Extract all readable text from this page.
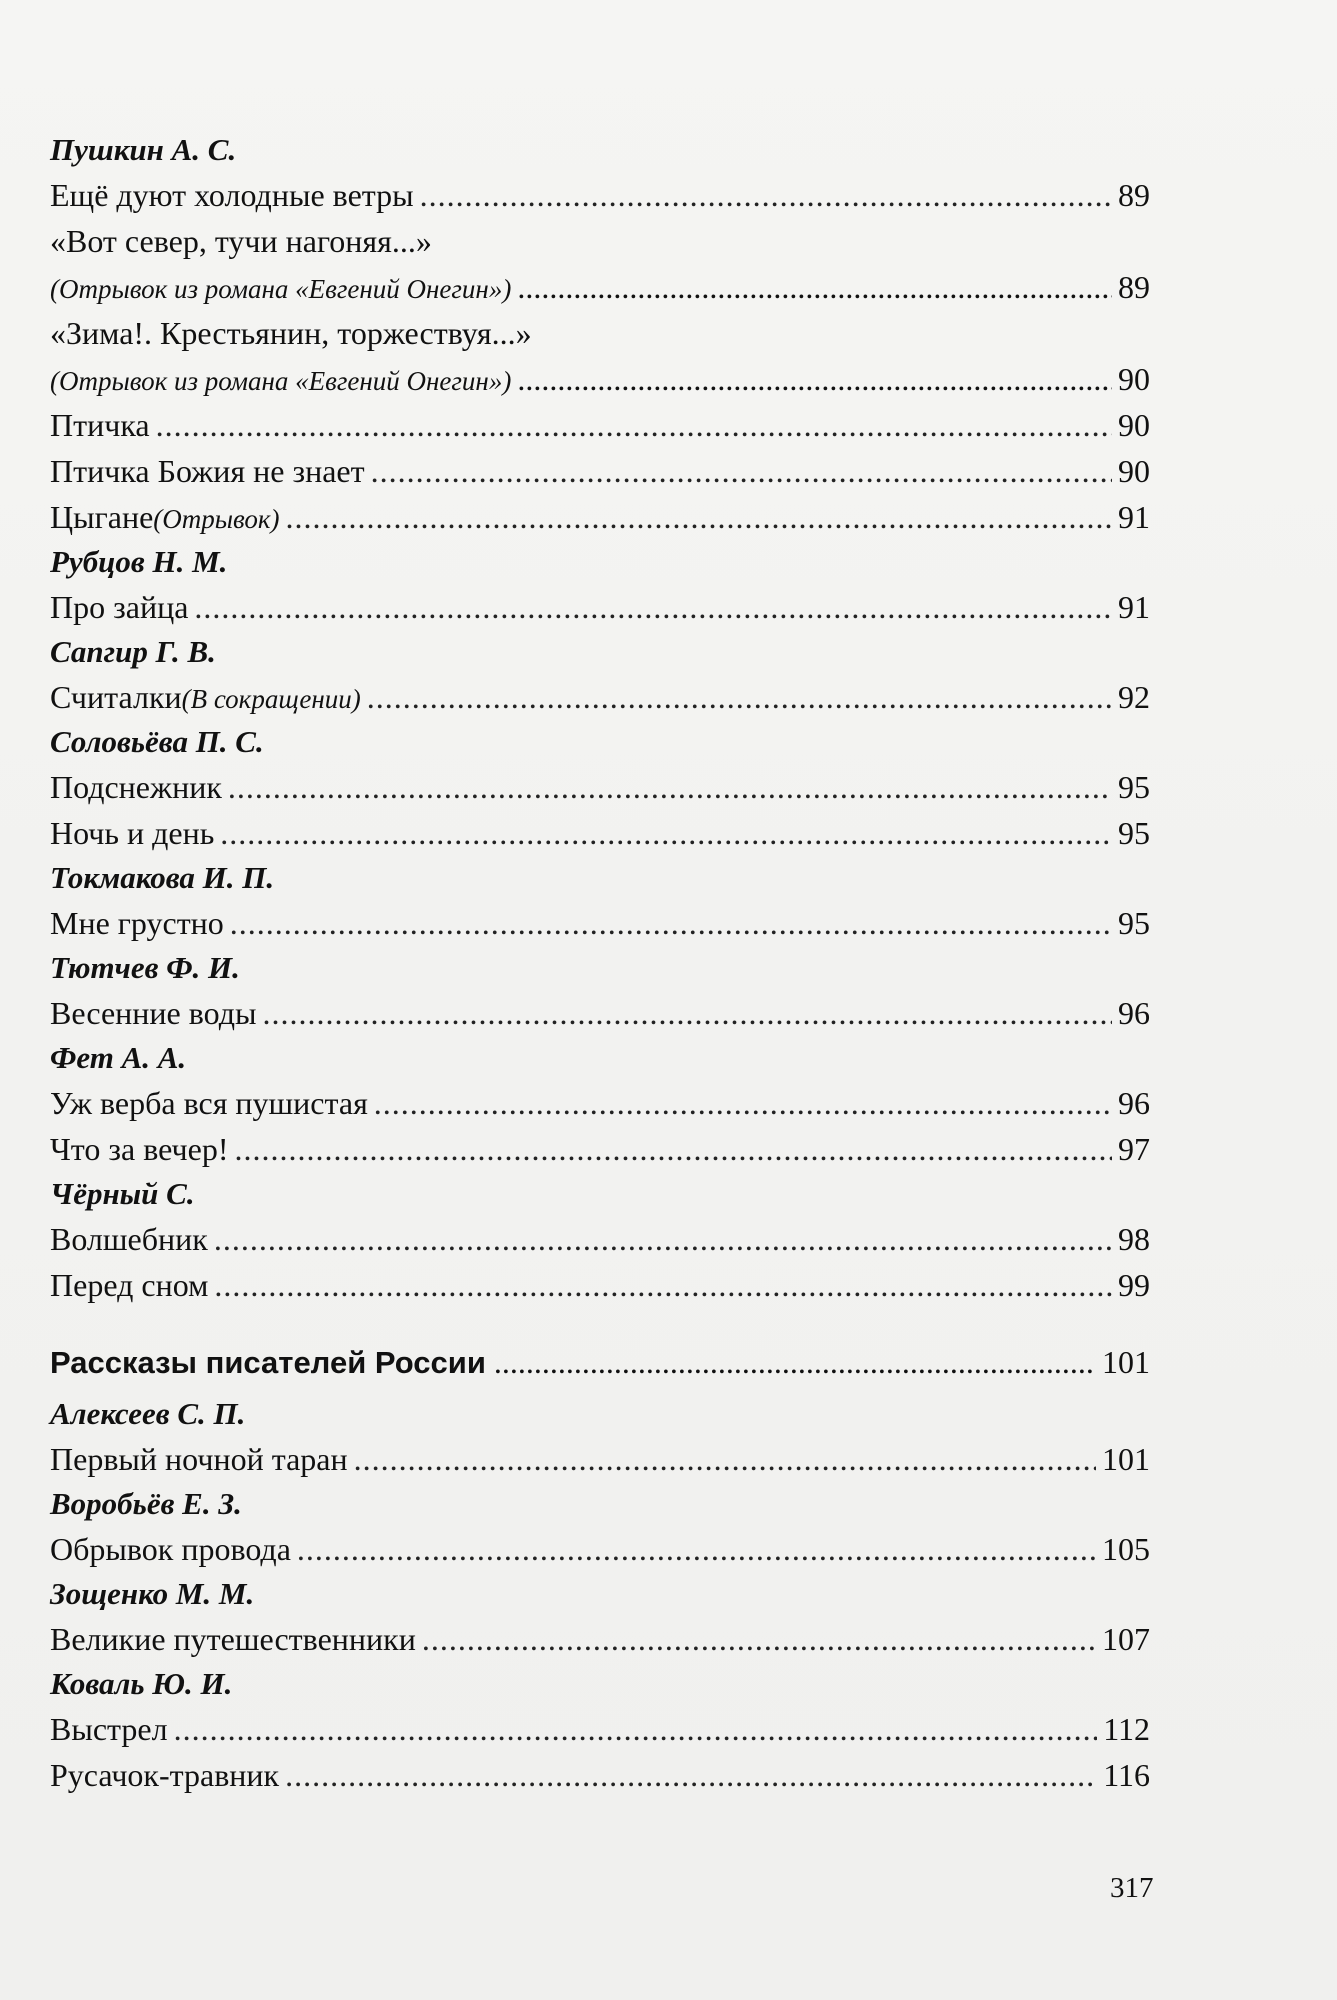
Пушкин А. С.
Ещё дуют холодные ветры .....	89
«Вот север, тучи нагоняя...»
(Отрывок из романа «Евгений Онегин») .....	89
«Зима!. Крестьянин, торжествуя...»
(Отрывок из романа «Евгений Онегин») .....	90
Птичка .....	90
Птичка Божия не знает .....	90
Цыгане (Отрывок) .....	91
Рубцов Н. М.
Про зайца .....	91
Сапгир Г. В.
Считалки (В сокращении) .....	92
Соловьёва П. С.
Подснежник .....	95
Ночь и день .....	95
Токмакова И. П.
Мне грустно .....	95
Тютчев Ф. И.
Весенние воды .....	96
Фет А. А.
Уж верба вся пушистая .....	96
Что за вечер! .....	97
Чёрный С.
Волшебник .....	98
Перед сном .....	99
Рассказы писателей России .....	101
Алексеев С. П.
Первый ночной таран .....	101
Воробьёв Е. З.
Обрывок провода .....	105
Зощенко М. М.
Великие путешественники .....	107
Коваль Ю. И.
Выстрел .....	112
Русачок-травник .....	116
317
